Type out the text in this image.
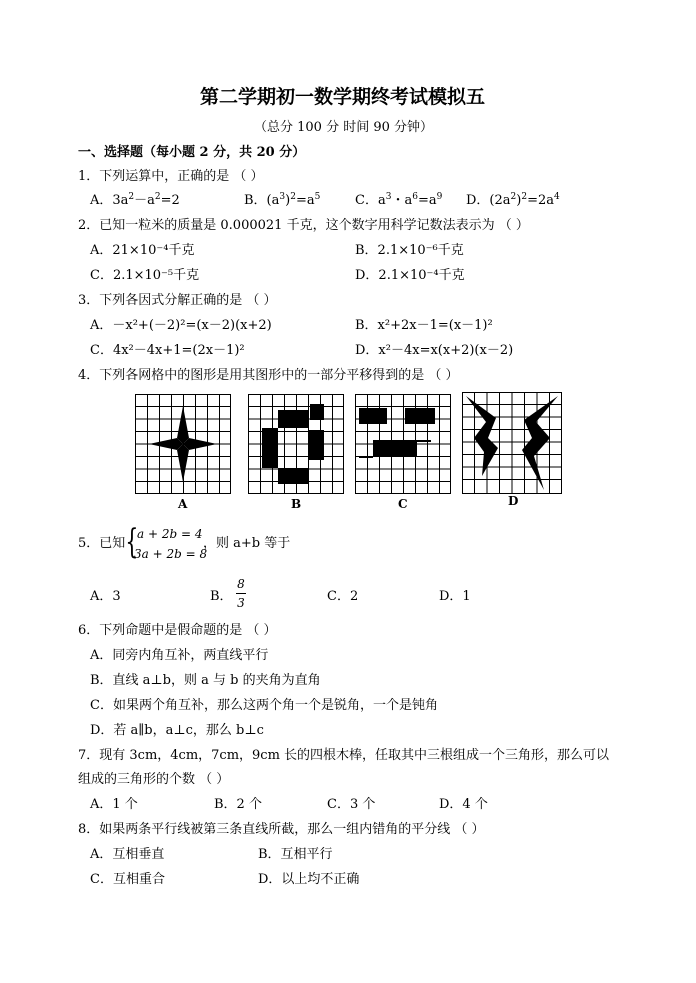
第二学期初一数学期终考试模拟五
（总分 100 分 时间 90 分钟）
一、选择题（每小题 2 分，共 20 分）
1．下列运算中，正确的是 （ ）
A．$3a^2-a^2=2$	B．$(a^3)^2=a^5$	C．$a^3$・$a^6=a^9$ D．$(2a^2)^2=2a^4$
2．已知一粒米的质量是 0.000021 千克，这个数字用科学记数法表示为 （ ）
A．21×10⁻⁴千克	B．2.1×10⁻⁶千克
C．2.1×10⁻⁵千克	D．2.1×10⁻⁴千克
3．下列各因式分解正确的是 （ ）
A．－x²+(－2)²=(x－2)(x+2)	B．x²+2x－1=(x－1)²
C．4x²－4x+1=(2x－1)²	D．x²－4x=x(x+2)(x－2)
4．下列各网格中的图形是用其图形中的一部分平移得到的是 （ ）
A	B	C	D
5．已知 {
a + 2b = 4
3a + 2b = 8
，则 a+b 等于
A．3	B．
8
3	C．2	D．1
6．下列命题中是假命题的是 （ ）
A．同旁内角互补，两直线平行
B．直线 a⊥b，则 a 与 b 的夹角为直角
C．如果两个角互补，那么这两个角一个是锐角，一个是钝角
D．若 a∥b，a⊥c，那么 b⊥c
7．现有 3cm，4cm，7cm，9cm 长的四根木棒，任取其中三根组成一个三角形，那么可以
组成的三角形的个数 （ ）
A．1 个	B．2 个	C．3 个	D．4 个
8．如果两条平行线被第三条直线所截，那么一组内错角的平分线 （ ）
A．互相垂直	B．互相平行
C．互相重合	D．以上均不正确
